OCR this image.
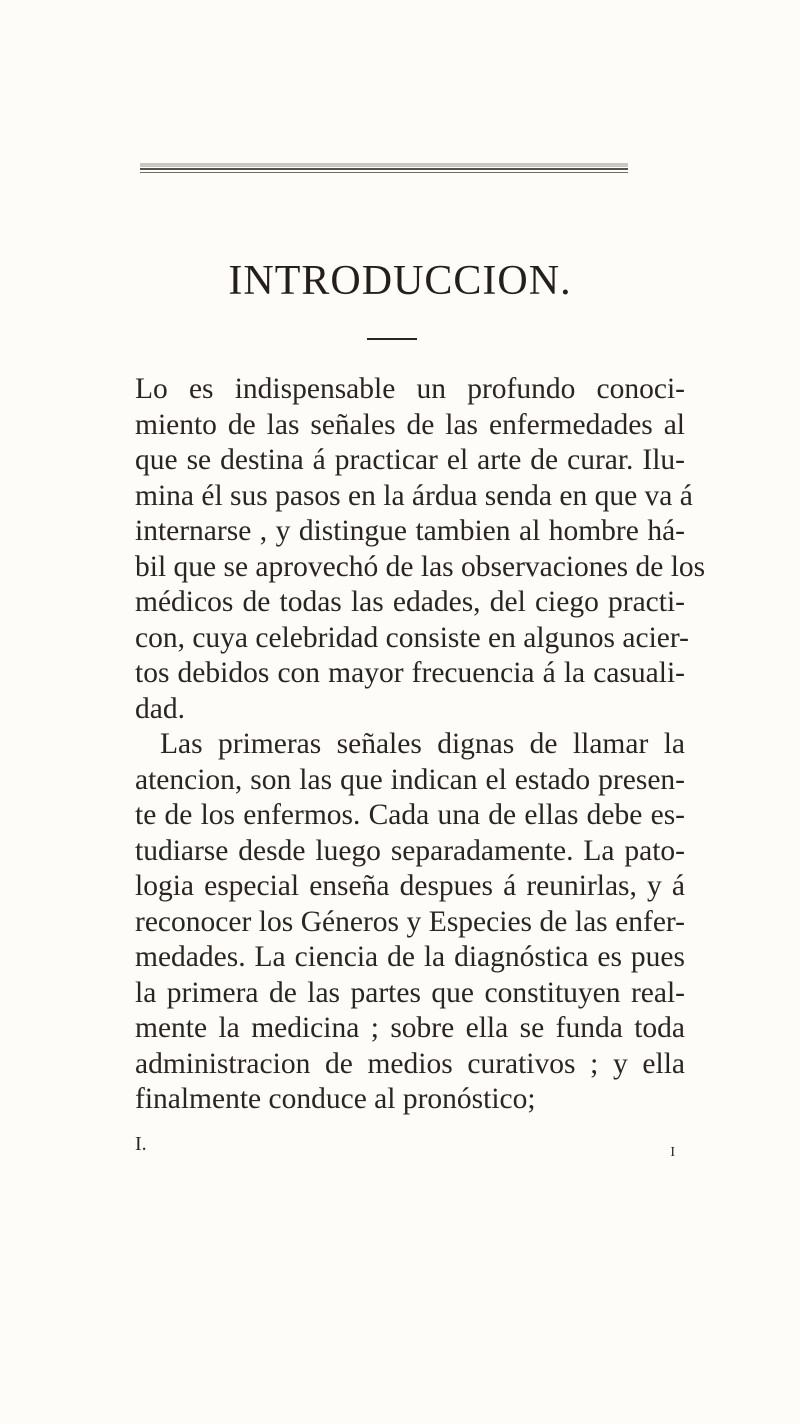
INTRODUCCION.
Lo es indispensable un profundo conoci-
miento de las señales de las enfermedades al
que se destina á practicar el arte de curar. Ilu-
mina él sus pasos en la árdua senda en que va á
internarse , y distingue tambien al hombre há-
bil que se aprovechó de las observaciones de los
médicos de todas las edades, del ciego practi-
con, cuya celebridad consiste en algunos acier-
tos debidos con mayor frecuencia á la casuali-
dad.
Las primeras señales dignas de llamar la
atencion, son las que indican el estado presen-
te de los enfermos. Cada una de ellas debe es-
tudiarse desde luego separadamente. La pato-
logia especial enseña despues á reunirlas, y á
reconocer los Géneros y Especies de las enfer-
medades. La ciencia de la diagnóstica es pues
la primera de las partes que constituyen real-
mente la medicina ; sobre ella se funda toda
administracion de medios curativos ; y ella
finalmente conduce al pronóstico;
I.	I
